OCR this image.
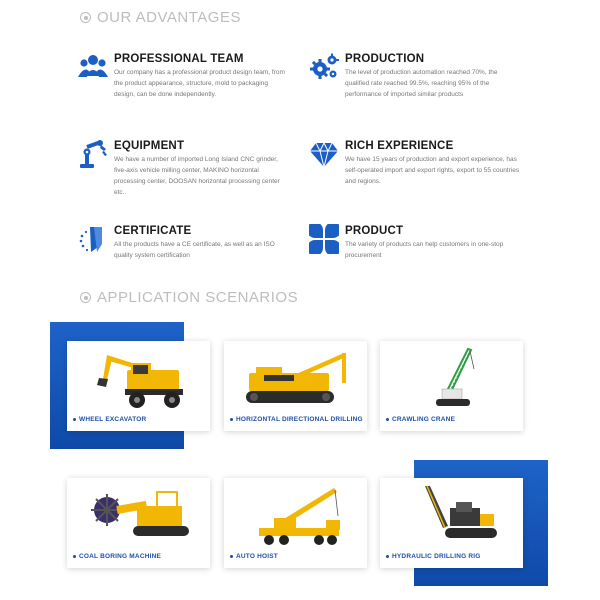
OUR ADVANTAGES
PROFESSIONAL TEAM
Our company has a professional product design team, from the product appearance, structure, mold to packaging design, can be done independently.
PRODUCTION
The level of production automation reached 70%, the qualified rate reached 99.5%, reaching 95% of the performance of imported similar products
EQUIPMENT
We have a number of imported Long Island CNC grinder, five-axis vehicle milling center, MAKINO horizontal processing center, DOOSAN horizontal processing center etc..
RICH EXPERIENCE
We have 15 years of production and export experience, has self-operated import and export rights, export to 55 countries and regions.
CERTIFICATE
All the products have a CE certificate, as well as an ISO quality system certification
PRODUCT
The variety of products can help customers in one-stop procurement
APPLICATION SCENARIOS
WHEEL EXCAVATOR	HORIZONTAL DIRECTIONAL DRILLING	CRAWLING CRANE
COAL BORING MACHINE	AUTO HOIST	HYDRAULIC DRILLING RIG
